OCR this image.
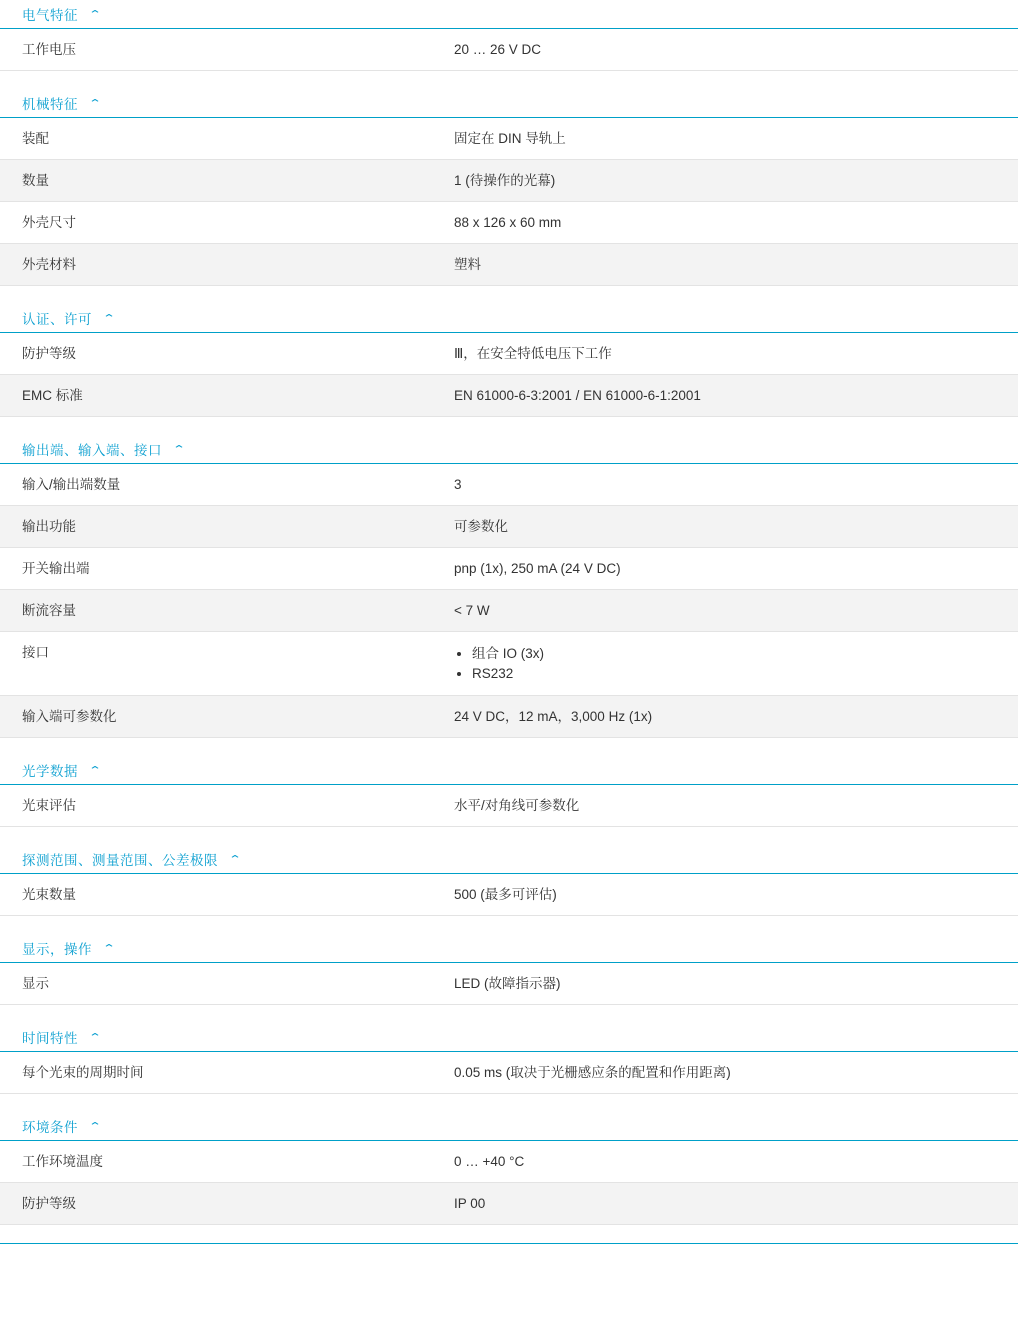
电气特征 ⌃
工作电压	20 … 26 V DC
机械特征 ⌃
装配	固定在 DIN 导轨上
数量	1 (待操作的光幕)
外壳尺寸	88 x 126 x 60 mm
外壳材料	塑料
认证、许可 ⌃
防护等级	Ⅲ，在安全特低电压下工作
EMC 标准	EN 61000-6-3:2001 / EN 61000-6-1:2001
输出端、输入端、接口 ⌃
输入/输出端数量	3
输出功能	可参数化
开关输出端	pnp (1x), 250 mA (24 V DC)
断流容量	< 7 W
接口	• 组合 IO (3x)
• RS232
输入端可参数化	24 V DC，12 mA，3,000 Hz (1x)
光学数据 ⌃
光束评估	水平/对角线可参数化
探测范围、测量范围、公差极限 ⌃
光束数量	500 (最多可评估)
显示，操作 ⌃
显示	LED (故障指示器)
时间特性 ⌃
每个光束的周期时间	0.05 ms (取决于光栅感应条的配置和作用距离)
环境条件 ⌃
工作环境温度	0 … +40 °C
防护等级	IP 00
